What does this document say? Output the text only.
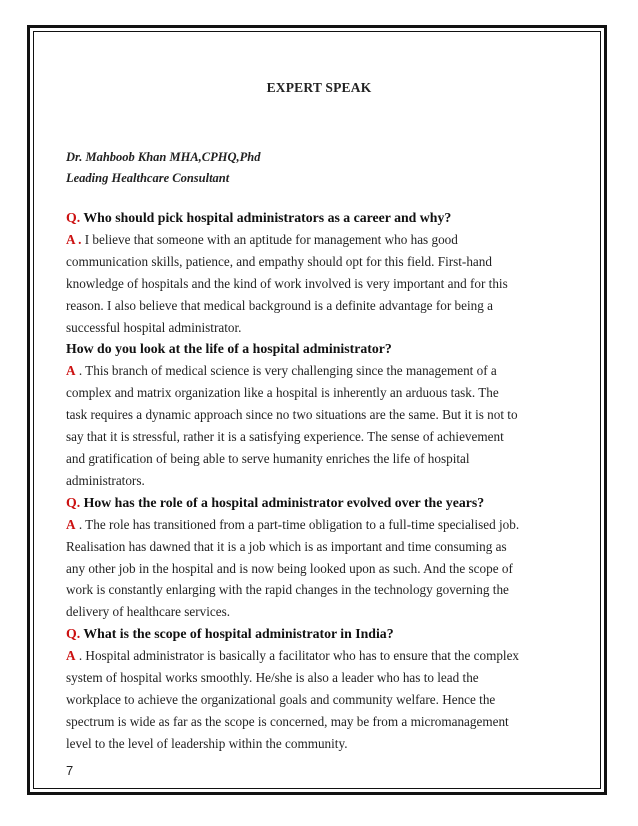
EXPERT SPEAK
Dr. Mahboob Khan MHA,CPHQ,Phd
Leading Healthcare Consultant

Q. Who should pick hospital administrators as a career and why?

A . I believe that someone with an aptitude for management who has good

communication skills, patience, and empathy should opt for this field. First-hand

knowledge of hospitals and the kind of work involved is very important and for this

reason. I also believe that medical background is a definite advantage for being a

successful hospital administrator.

How do you look at the life of a hospital administrator?

A . This branch of medical science is very challenging since the management of a

complex and matrix organization like a hospital is inherently an arduous task. The

task requires a dynamic approach since no two situations are the same. But it is not to

say that it is stressful, rather it is a satisfying experience. The sense of achievement

and gratification of being able to serve humanity enriches the life of hospital

administrators.

Q. How has the role of a hospital administrator evolved over the years?

A . The role has transitioned from a part-time obligation to a full-time specialised job.

Realisation has dawned that it is a job which is as important and time consuming as

any other job in the hospital and is now being looked upon as such. And the scope of

work is constantly enlarging with the rapid changes in the technology governing the

delivery of healthcare services.

Q. What is the scope of hospital administrator in India?

A . Hospital administrator is basically a facilitator who has to ensure that the complex

system of hospital works smoothly. He/she is also a leader who has to lead the

workplace to achieve the organizational goals and community welfare. Hence the

spectrum is wide as far as the scope is concerned, may be from a micromanagement

level to the level of leadership within the community.

7
